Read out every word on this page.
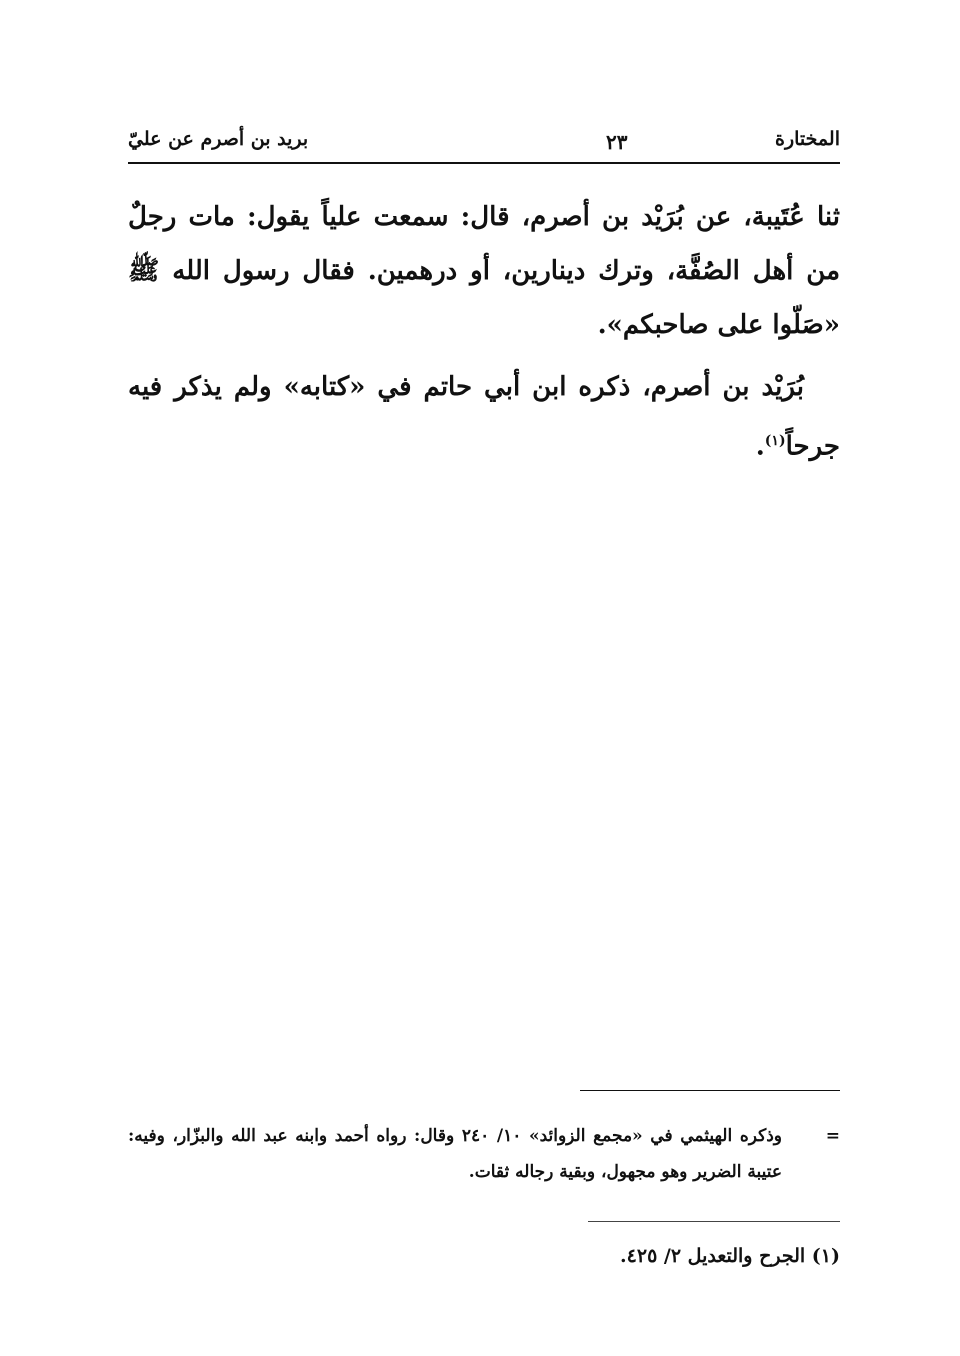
المختارة
٢٣
بريد بن أصرم عن عليّ

ثنا عُتَيبة، عن بُرَيْد بن أصرم، قال: سمعت علياً يقول: مات رجلٌ من أهل الصُفَّة، وترك دينارين، أو درهمين. فقال رسول الله ﷺ «صَلّوا على صاحبكم».

بُرَيْد بن أصرم، ذكره ابن أبي حاتم في «كتابه» ولم يذكر فيه جرحاً$^{(١)}$.

=
وذكره الهيثمي في «مجمع الزوائد» ١٠/ ٢٤٠ وقال: رواه أحمد وابنه عبد الله والبزّار، وفيه: عتيبة الضرير وهو مجهول، وبقية رجاله ثقات.
(١) الجرح والتعديل ٢/ ٤٢٥.
